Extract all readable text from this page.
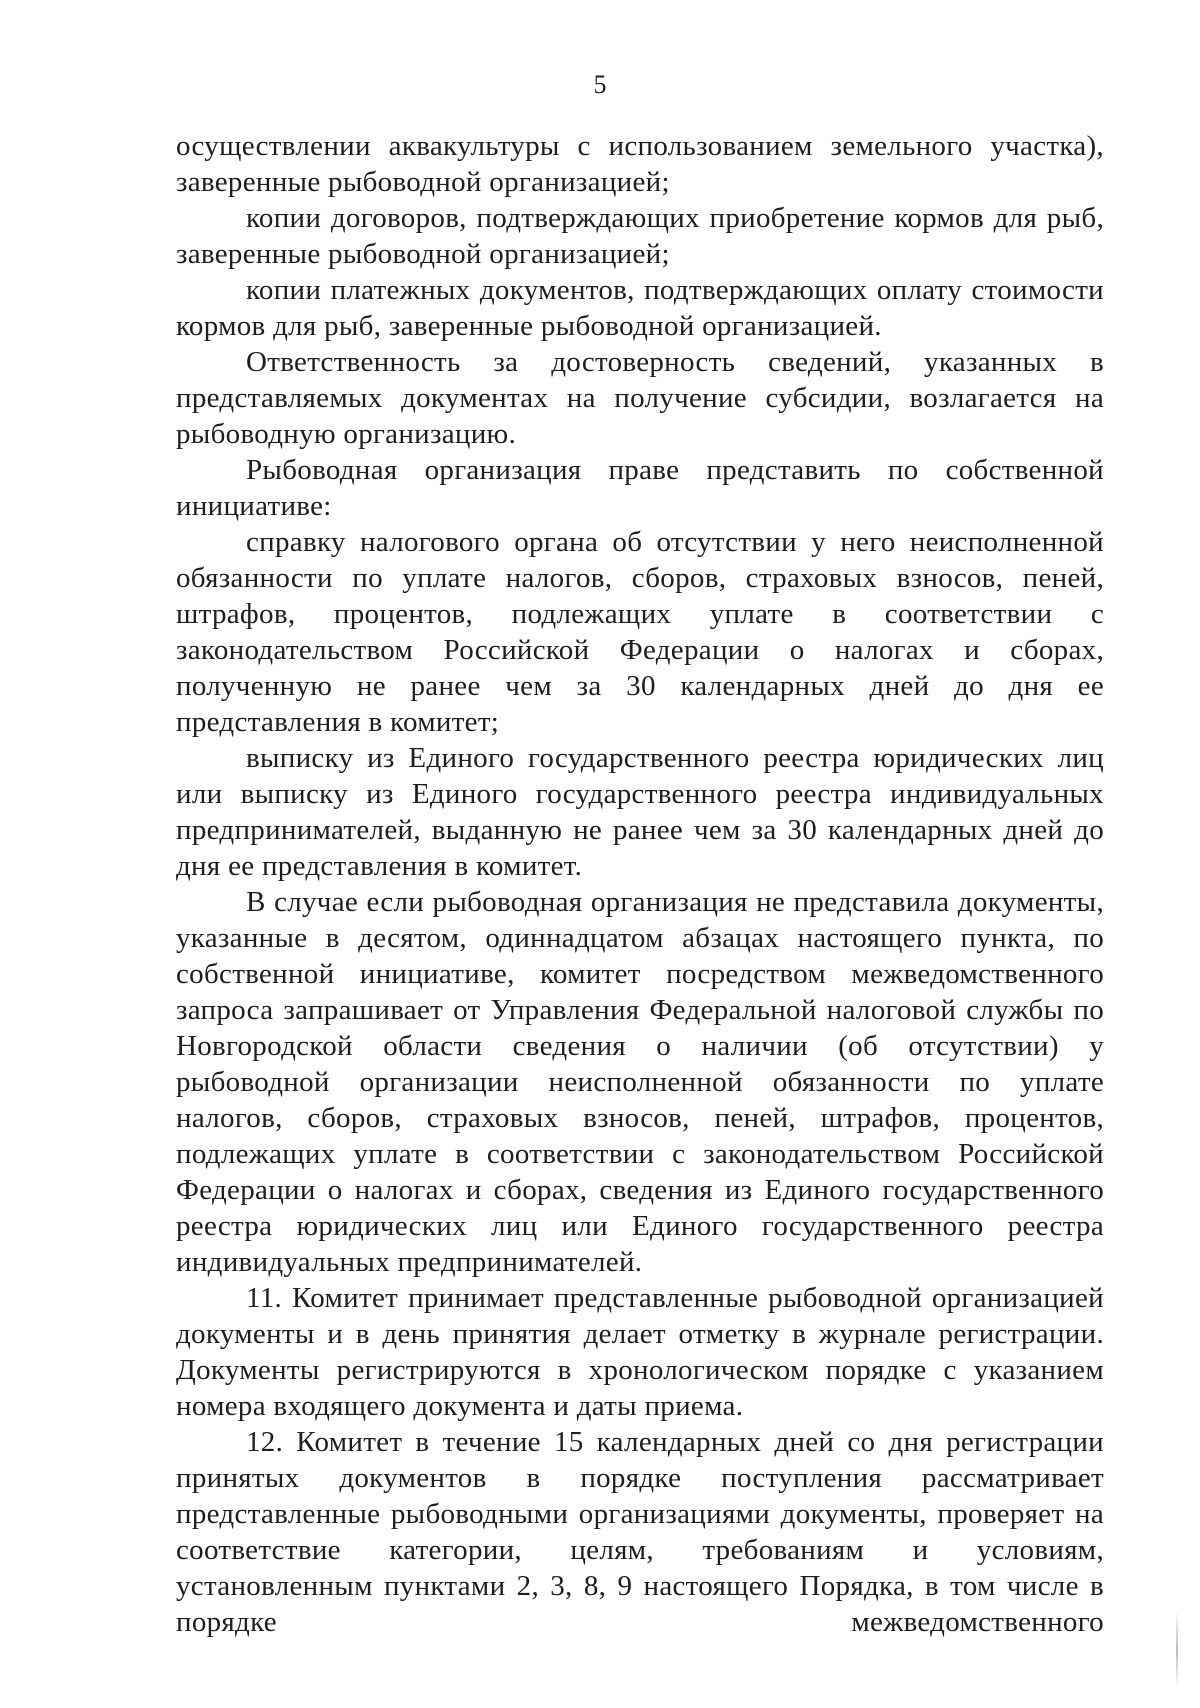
5

осуществлении аквакультуры с использованием земельного участка), заверенные рыбоводной организацией;

копии договоров, подтверждающих приобретение кормов для рыб, заверенные рыбоводной организацией;

копии платежных документов, подтверждающих оплату стоимости кормов для рыб, заверенные рыбоводной организацией.

Ответственность за достоверность сведений, указанных в представляемых документах на получение субсидии, возлагается на рыбоводную организацию.

Рыбоводная организация праве представить по собственной инициативе:

справку налогового органа об отсутствии у него неисполненной обязанности по уплате налогов, сборов, страховых взносов, пеней, штрафов, процентов, подлежащих уплате в соответствии с законодательством Российской Федерации о налогах и сборах, полученную не ранее чем за 30 календарных дней до дня ее представления в комитет;

выписку из Единого государственного реестра юридических лиц или выписку из Единого государственного реестра индивидуальных предпринимателей, выданную не ранее чем за 30 календарных дней до дня ее представления в комитет.

В случае если рыбоводная организация не представила документы, указанные в десятом, одиннадцатом абзацах настоящего пункта, по собственной инициативе, комитет посредством межведомственного запроса запрашивает от Управления Федеральной налоговой службы по Новгородской области сведения о наличии (об отсутствии) у рыбоводной организации неисполненной обязанности по уплате налогов, сборов, страховых взносов, пеней, штрафов, процентов, подлежащих уплате в соответствии с законодательством Российской Федерации о налогах и сборах, сведения из Единого государственного реестра юридических лиц или Единого государственного реестра индивидуальных предпринимателей.

11. Комитет принимает представленные рыбоводной организацией документы и в день принятия делает отметку в журнале регистрации. Документы регистрируются в хронологическом порядке с указанием номера входящего документа и даты приема.

12. Комитет в течение 15 календарных дней со дня регистрации принятых документов в порядке поступления рассматривает представленные рыбоводными организациями документы, проверяет на соответствие категории, целям, требованиям и условиям, установленным пунктами 2, 3, 8, 9 настоящего Порядка, в том числе в порядке межведомственного
